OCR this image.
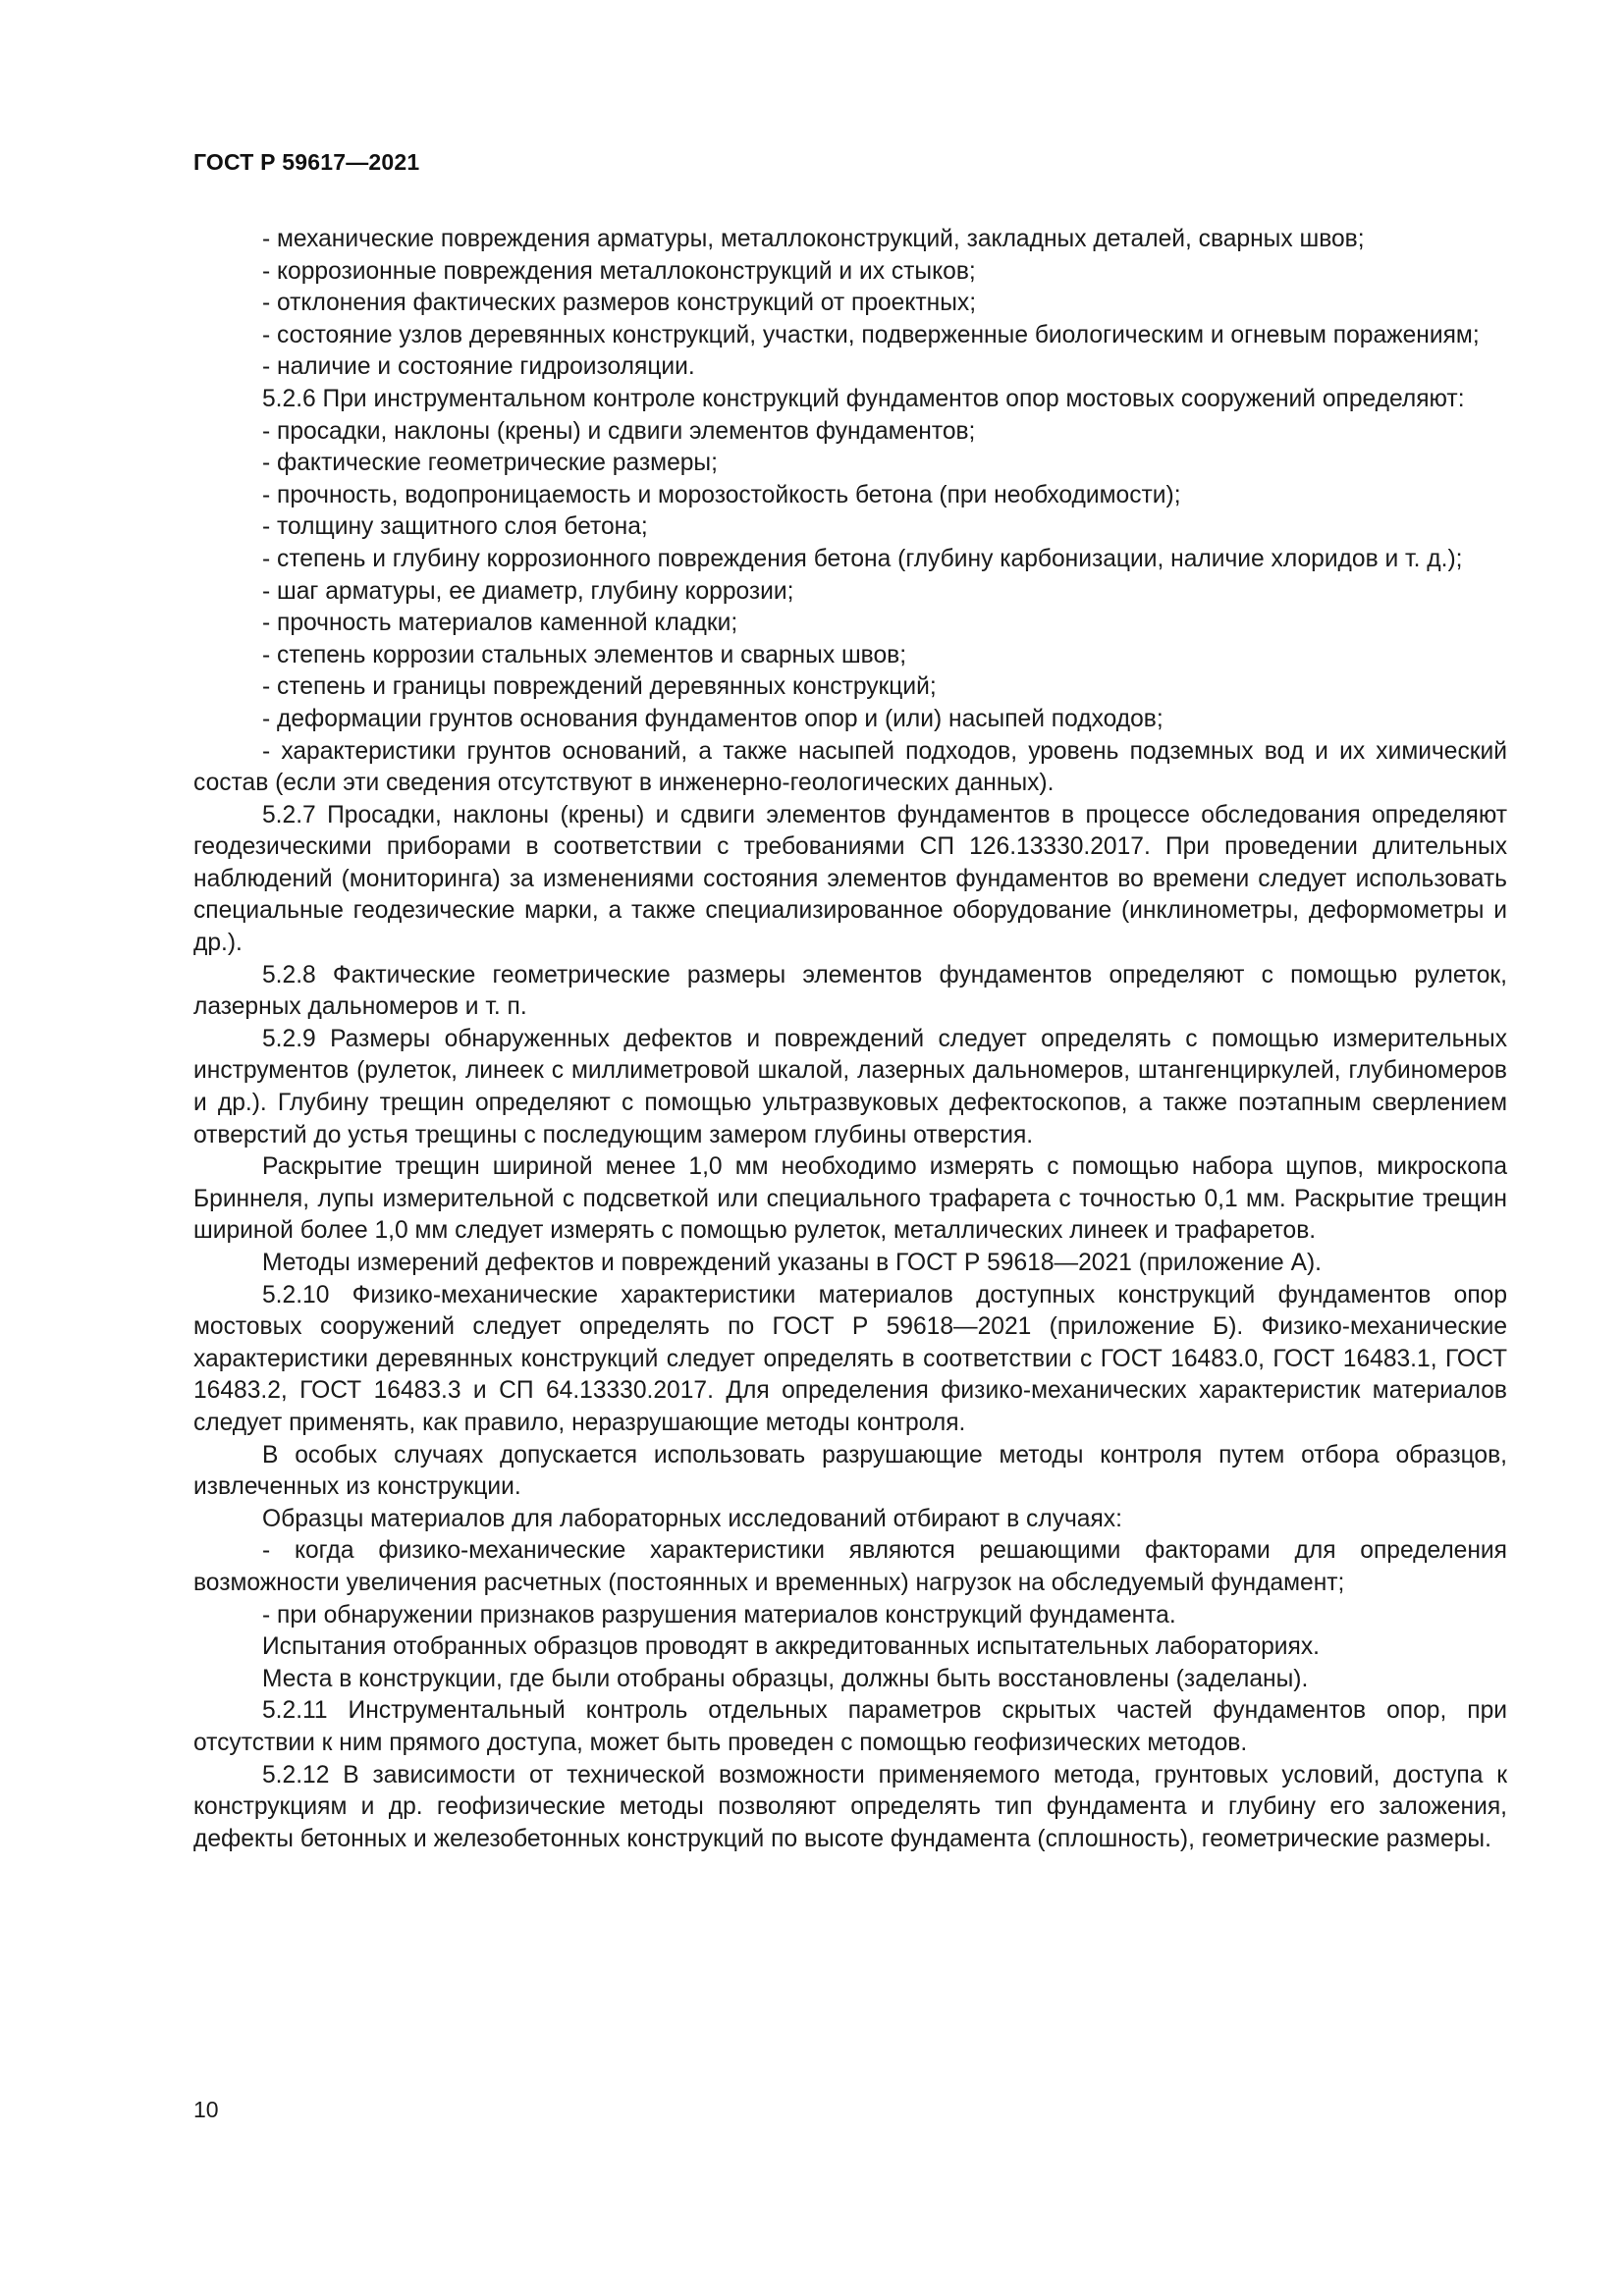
ГОСТ Р 59617—2021

- механические повреждения арматуры, металлоконструкций, закладных деталей, сварных швов;

- коррозионные повреждения металлоконструкций и их стыков;

- отклонения фактических размеров конструкций от проектных;

- состояние узлов деревянных конструкций, участки, подверженные биологическим и огневым поражениям;

- наличие и состояние гидроизоляции.

5.2.6 При инструментальном контроле конструкций фундаментов опор мостовых сооружений определяют:

- просадки, наклоны (крены) и сдвиги элементов фундаментов;

- фактические геометрические размеры;

- прочность, водопроницаемость и морозостойкость бетона (при необходимости);

- толщину защитного слоя бетона;

- степень и глубину коррозионного повреждения бетона (глубину карбонизации, наличие хлоридов и т. д.);

- шаг арматуры, ее диаметр, глубину коррозии;

- прочность материалов каменной кладки;

- степень коррозии стальных элементов и сварных швов;

- степень и границы повреждений деревянных конструкций;

- деформации грунтов основания фундаментов опор и (или) насыпей подходов;

- характеристики грунтов оснований, а также насыпей подходов, уровень подземных вод и их химический состав (если эти сведения отсутствуют в инженерно-геологических данных).

5.2.7 Просадки, наклоны (крены) и сдвиги элементов фундаментов в процессе обследования определяют геодезическими приборами в соответствии с требованиями СП 126.13330.2017. При проведении длительных наблюдений (мониторинга) за изменениями состояния элементов фундаментов во времени следует использовать специальные геодезические марки, а также специализированное оборудование (инклинометры, деформометры и др.).

5.2.8 Фактические геометрические размеры элементов фундаментов определяют с помощью рулеток, лазерных дальномеров и т. п.

5.2.9 Размеры обнаруженных дефектов и повреждений следует определять с помощью измерительных инструментов (рулеток, линеек с миллиметровой шкалой, лазерных дальномеров, штангенциркулей, глубиномеров и др.). Глубину трещин определяют с помощью ультразвуковых дефектоскопов, а также поэтапным сверлением отверстий до устья трещины с последующим замером глубины отверстия.

Раскрытие трещин шириной менее 1,0 мм необходимо измерять с помощью набора щупов, микроскопа Бриннеля, лупы измерительной с подсветкой или специального трафарета с точностью 0,1 мм. Раскрытие трещин шириной более 1,0 мм следует измерять с помощью рулеток, металлических линеек и трафаретов.

Методы измерений дефектов и повреждений указаны в ГОСТ Р 59618—2021 (приложение А).

5.2.10 Физико-механические характеристики материалов доступных конструкций фундаментов опор мостовых сооружений следует определять по ГОСТ Р 59618—2021 (приложение Б). Физико-механические характеристики деревянных конструкций следует определять в соответствии с ГОСТ 16483.0, ГОСТ 16483.1, ГОСТ 16483.2, ГОСТ 16483.3 и СП 64.13330.2017. Для определения физико-механических характеристик материалов следует применять, как правило, неразрушающие методы контроля.

В особых случаях допускается использовать разрушающие методы контроля путем отбора образцов, извлеченных из конструкции.

Образцы материалов для лабораторных исследований отбирают в случаях:

- когда физико-механические характеристики являются решающими факторами для определения возможности увеличения расчетных (постоянных и временных) нагрузок на обследуемый фундамент;

- при обнаружении признаков разрушения материалов конструкций фундамента.

Испытания отобранных образцов проводят в аккредитованных испытательных лабораториях.

Места в конструкции, где были отобраны образцы, должны быть восстановлены (заделаны).

5.2.11 Инструментальный контроль отдельных параметров скрытых частей фундаментов опор, при отсутствии к ним прямого доступа, может быть проведен с помощью геофизических методов.

5.2.12 В зависимости от технической возможности применяемого метода, грунтовых условий, доступа к конструкциям и др. геофизические методы позволяют определять тип фундамента и глубину его заложения, дефекты бетонных и железобетонных конструкций по высоте фундамента (сплошность), геометрические размеры.

10
